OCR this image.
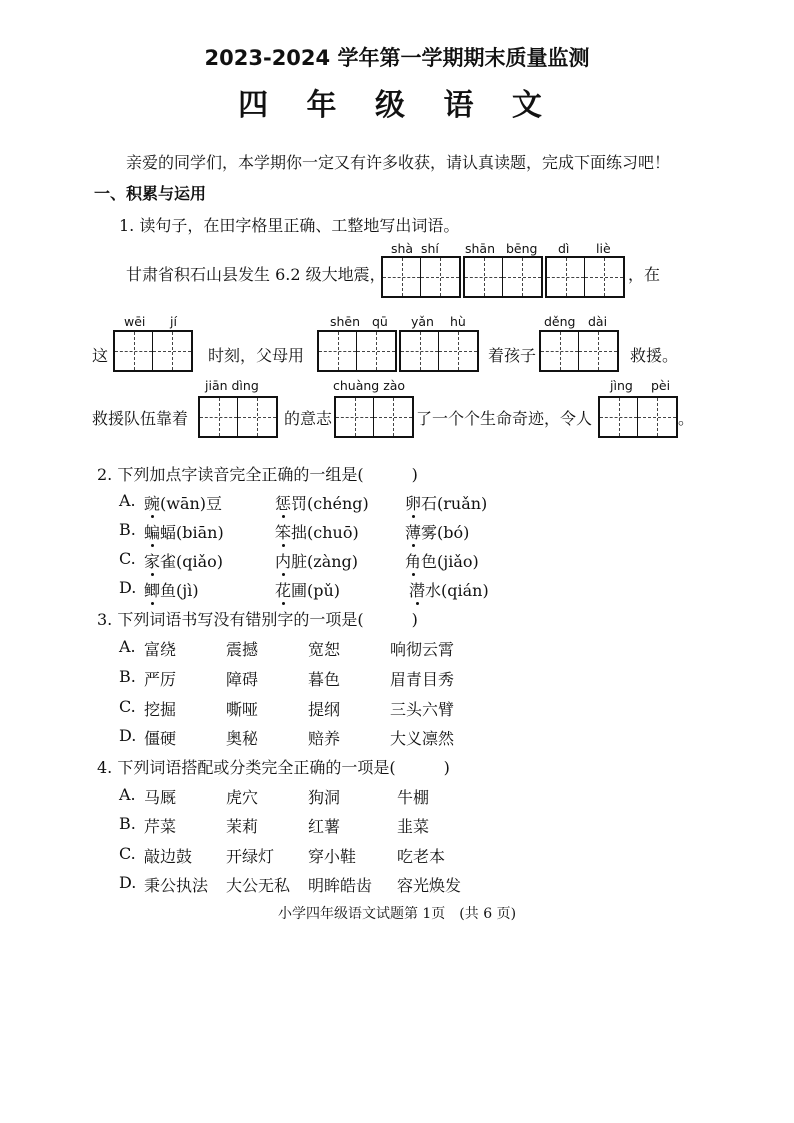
2023-2024 学年第一学期期末质量监测
四 年 级 语 文
亲爱的同学们，本学期你一定又有许多收获，请认真读题，完成下面练习吧！
一、积累与运用
1. 读句子，在田字格里正确、工整地写出词语。
shà shí shān bēng dì liè
甘肃省积石山县发生 6.2 级大地震，	，在
wēi jí	shēn qū yǎn hù	děng dài
这	时刻，父母用	着孩子	救援。
jiān dìng	chuàng zào	jìng pèi
救援队伍靠着	的意志	了一个个生命奇迹，令人	。
2. 下列加点字读音完全正确的一组是(　　　)
A. 豌(wān)豆	惩罚(chéng) 卵石(ruǎn)
B. 蝙蝠(biān)	笨拙(chuō)	薄雾(bó)
C. 家雀(qiǎo)	内脏(zàng)	角色(jiǎo)
D. 鲫鱼(jì)	花圃(pǔ)	潜水(qián)
3. 下列词语书写没有错别字的一项是(　　　)
A. 富绕	震撼	宽恕	响彻云霄
B. 严厉	障碍	暮色	眉青目秀
C. 挖掘	嘶哑	提纲	三头六臂
D. 僵硬	奥秘	赔养	大义凛然
4. 下列词语搭配或分类完全正确的一项是(　　　)
A. 马厩	虎穴	狗洞	牛棚
B. 芹菜	茉莉	红薯	韭菜
C. 敲边鼓 开绿灯 穿小鞋	吃老本
D. 秉公执法 大公无私 明眸皓齿 容光焕发
小学四年级语文试题第 1页　(共 6 页)
